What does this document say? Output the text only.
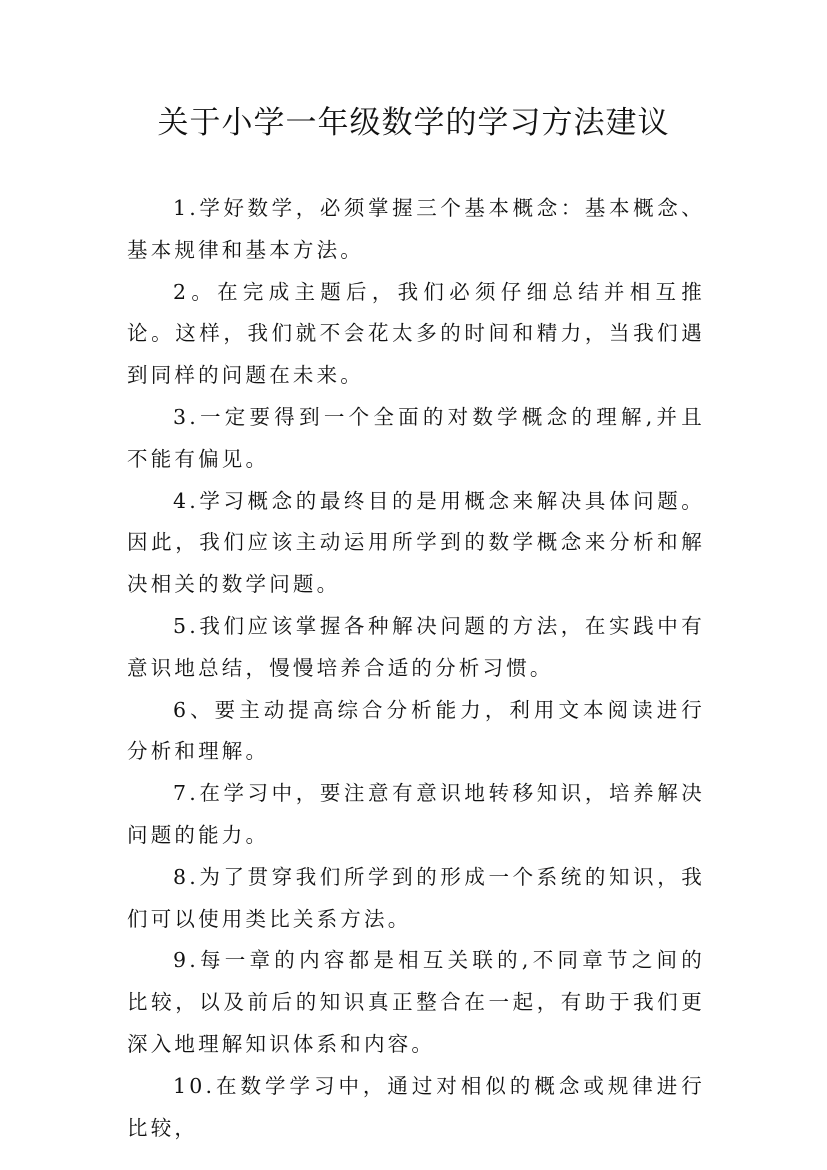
关于小学一年级数学的学习方法建议

1.学好数学，必须掌握三个基本概念：基本概念、基本规律和基本方法。

2。在完成主题后，我们必须仔细总结并相互推论。这样，我们就不会花太多的时间和精力，当我们遇到同样的问题在未来。

3.一定要得到一个全面的对数学概念的理解,并且不能有偏见。

4.学习概念的最终目的是用概念来解决具体问题。因此，我们应该主动运用所学到的数学概念来分析和解决相关的数学问题。

5.我们应该掌握各种解决问题的方法，在实践中有意识地总结，慢慢培养合适的分析习惯。

6、要主动提高综合分析能力，利用文本阅读进行分析和理解。

7.在学习中，要注意有意识地转移知识，培养解决问题的能力。

8.为了贯穿我们所学到的形成一个系统的知识，我们可以使用类比关系方法。

9.每一章的内容都是相互关联的,不同章节之间的比较，以及前后的知识真正整合在一起，有助于我们更深入地理解知识体系和内容。

10.在数学学习中，通过对相似的概念或规律进行比较，
